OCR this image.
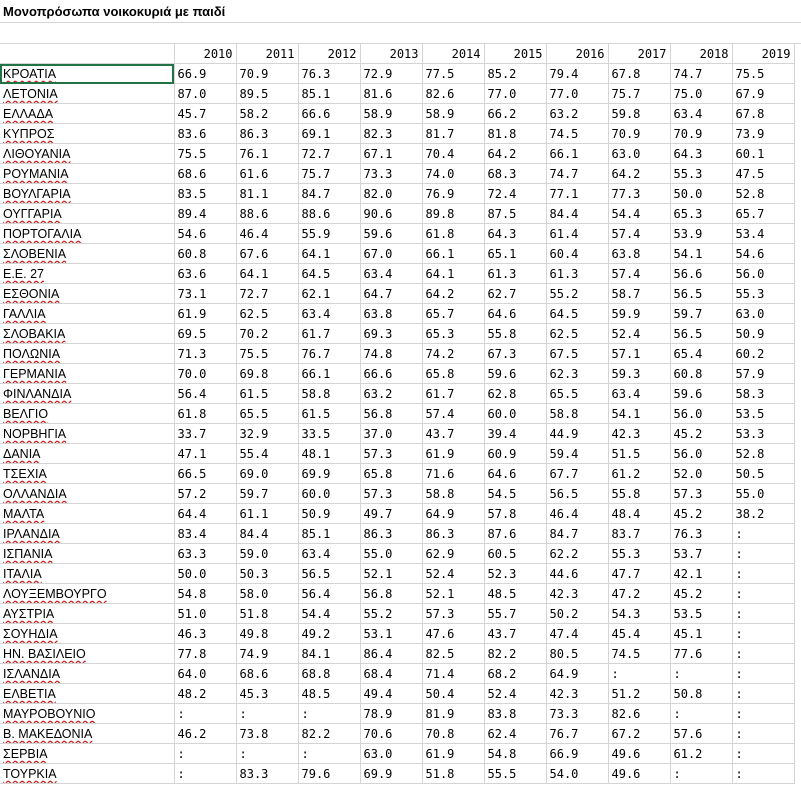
Μονοπρόσωπα νοικοκυριά με παιδί
	2010	2011	2012	2013	2014	2015	2016	2017	2018	2019
ΚΡΟΑΤΙΑ	66.9	70.9	76.3	72.9	77.5	85.2	79.4	67.8	74.7	75.5
ΛΕΤΟΝΙΑ	87.0	89.5	85.1	81.6	82.6	77.0	77.0	75.7	75.0	67.9
ΕΛΛΑΔΑ	45.7	58.2	66.6	58.9	58.9	66.2	63.2	59.8	63.4	67.8
ΚΥΠΡΟΣ	83.6	86.3	69.1	82.3	81.7	81.8	74.5	70.9	70.9	73.9
ΛΙΘΟΥΑΝΙΑ	75.5	76.1	72.7	67.1	70.4	64.2	66.1	63.0	64.3	60.1
ΡΟΥΜΑΝΙΑ	68.6	61.6	75.7	73.3	74.0	68.3	74.7	64.2	55.3	47.5
ΒΟΥΛΓΑΡΙΑ	83.5	81.1	84.7	82.0	76.9	72.4	77.1	77.3	50.0	52.8
ΟΥΓΓΑΡΙΑ	89.4	88.6	88.6	90.6	89.8	87.5	84.4	54.4	65.3	65.7
ΠΟΡΤΟΓΑΛΙΑ	54.6	46.4	55.9	59.6	61.8	64.3	61.4	57.4	53.9	53.4
ΣΛΟΒΕΝΙΑ	60.8	67.6	64.1	67.0	66.1	65.1	60.4	63.8	54.1	54.6
Ε.Ε. 27	63.6	64.1	64.5	63.4	64.1	61.3	61.3	57.4	56.6	56.0
ΕΣΘΟΝΙΑ	73.1	72.7	62.1	64.7	64.2	62.7	55.2	58.7	56.5	55.3
ΓΑΛΛΙΑ	61.9	62.5	63.4	63.8	65.7	64.6	64.5	59.9	59.7	63.0
ΣΛΟΒΑΚΙΑ	69.5	70.2	61.7	69.3	65.3	55.8	62.5	52.4	56.5	50.9
ΠΟΛΩΝΙΑ	71.3	75.5	76.7	74.8	74.2	67.3	67.5	57.1	65.4	60.2
ΓΕΡΜΑΝΙΑ	70.0	69.8	66.1	66.6	65.8	59.6	62.3	59.3	60.8	57.9
ΦΙΝΛΑΝΔΙΑ	56.4	61.5	58.8	63.2	61.7	62.8	65.5	63.4	59.6	58.3
ΒΕΛΓΙΟ	61.8	65.5	61.5	56.8	57.4	60.0	58.8	54.1	56.0	53.5
ΝΟΡΒΗΓΙΑ	33.7	32.9	33.5	37.0	43.7	39.4	44.9	42.3	45.2	53.3
ΔΑΝΙΑ	47.1	55.4	48.1	57.3	61.9	60.9	59.4	51.5	56.0	52.8
ΤΣΕΧΙΑ	66.5	69.0	69.9	65.8	71.6	64.6	67.7	61.2	52.0	50.5
ΟΛΛΑΝΔΙΑ	57.2	59.7	60.0	57.3	58.8	54.5	56.5	55.8	57.3	55.0
ΜΑΛΤΑ	64.4	61.1	50.9	49.7	64.9	57.8	46.4	48.4	45.2	38.2
ΙΡΛΑΝΔΙΑ	83.4	84.4	85.1	86.3	86.3	87.6	84.7	83.7	76.3	:
ΙΣΠΑΝΙΑ	63.3	59.0	63.4	55.0	62.9	60.5	62.2	55.3	53.7	:
ΙΤΑΛΙΑ	50.0	50.3	56.5	52.1	52.4	52.3	44.6	47.7	42.1	:
ΛΟΥΞΕΜΒΟΥΡΓΟ	54.8	58.0	56.4	56.8	52.1	48.5	42.3	47.2	45.2	:
ΑΥΣΤΡΙΑ	51.0	51.8	54.4	55.2	57.3	55.7	50.2	54.3	53.5	:
ΣΟΥΗΔΙΑ	46.3	49.8	49.2	53.1	47.6	43.7	47.4	45.4	45.1	:
ΗΝ. ΒΑΣΙΛΕΙΟ	77.8	74.9	84.1	86.4	82.5	82.2	80.5	74.5	77.6	:
ΙΣΛΑΝΔΙΑ	64.0	68.6	68.8	68.4	71.4	68.2	64.9	:	:	:
ΕΛΒΕΤΙΑ	48.2	45.3	48.5	49.4	50.4	52.4	42.3	51.2	50.8	:
ΜΑΥΡΟΒΟΥΝΙΟ	:	:	:	78.9	81.9	83.8	73.3	82.6	:	:
Β. ΜΑΚΕΔΟΝΙΑ	46.2	73.8	82.2	70.6	70.8	62.4	76.7	67.2	57.6	:
ΣΕΡΒΙΑ	:	:	:	63.0	61.9	54.8	66.9	49.6	61.2	:
ΤΟΥΡΚΙΑ	:	83.3	79.6	69.9	51.8	55.5	54.0	49.6	:	:
